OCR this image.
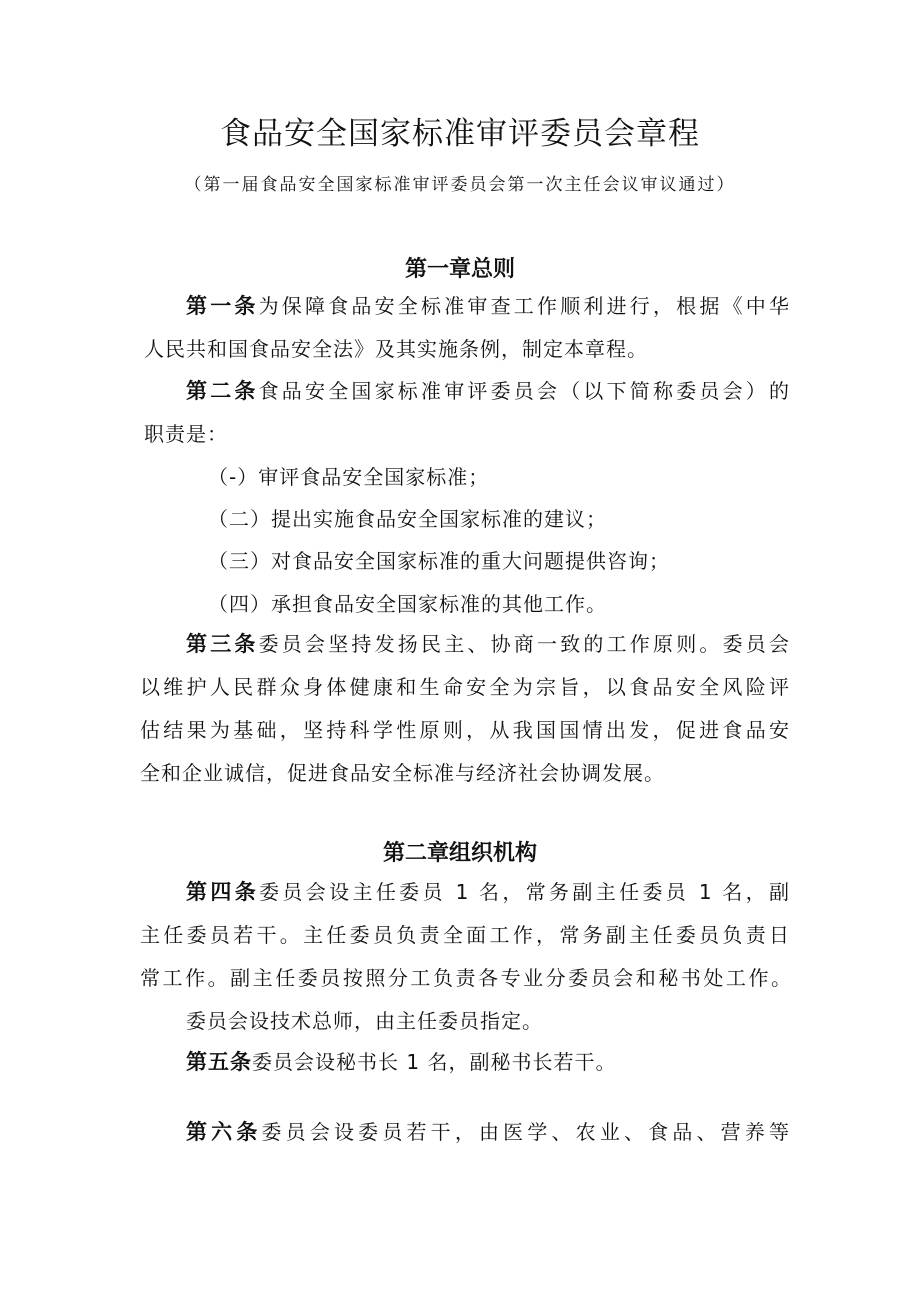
食品安全国家标准审评委员会章程
（第一届食品安全国家标准审评委员会第一次主任会议审议通过）
第一章总则
第一条为保障食品安全标准审查工作顺利进行，根据《中华
人民共和国食品安全法》及其实施条例，制定本章程。
第二条食品安全国家标准审评委员会（以下简称委员会）的
职责是：
（-）审评食品安全国家标准；
（二）提出实施食品安全国家标准的建议；
（三）对食品安全国家标准的重大问题提供咨询；
（四）承担食品安全国家标准的其他工作。
第三条委员会坚持发扬民主、协商一致的工作原则。委员会
以维护人民群众身体健康和生命安全为宗旨，以食品安全风险评
估结果为基础，坚持科学性原则，从我国国情出发，促进食品安
全和企业诚信，促进食品安全标准与经济社会协调发展。
第二章组织机构
第四条委员会设主任委员 1 名，常务副主任委员 1 名，副
主任委员若干。主任委员负责全面工作，常务副主任委员负责日
常工作。副主任委员按照分工负责各专业分委员会和秘书处工作。
委员会设技术总师，由主任委员指定。
第五条委员会设秘书长 1 名，副秘书长若干。
第六条委员会设委员若干，由医学、农业、食品、营养等
